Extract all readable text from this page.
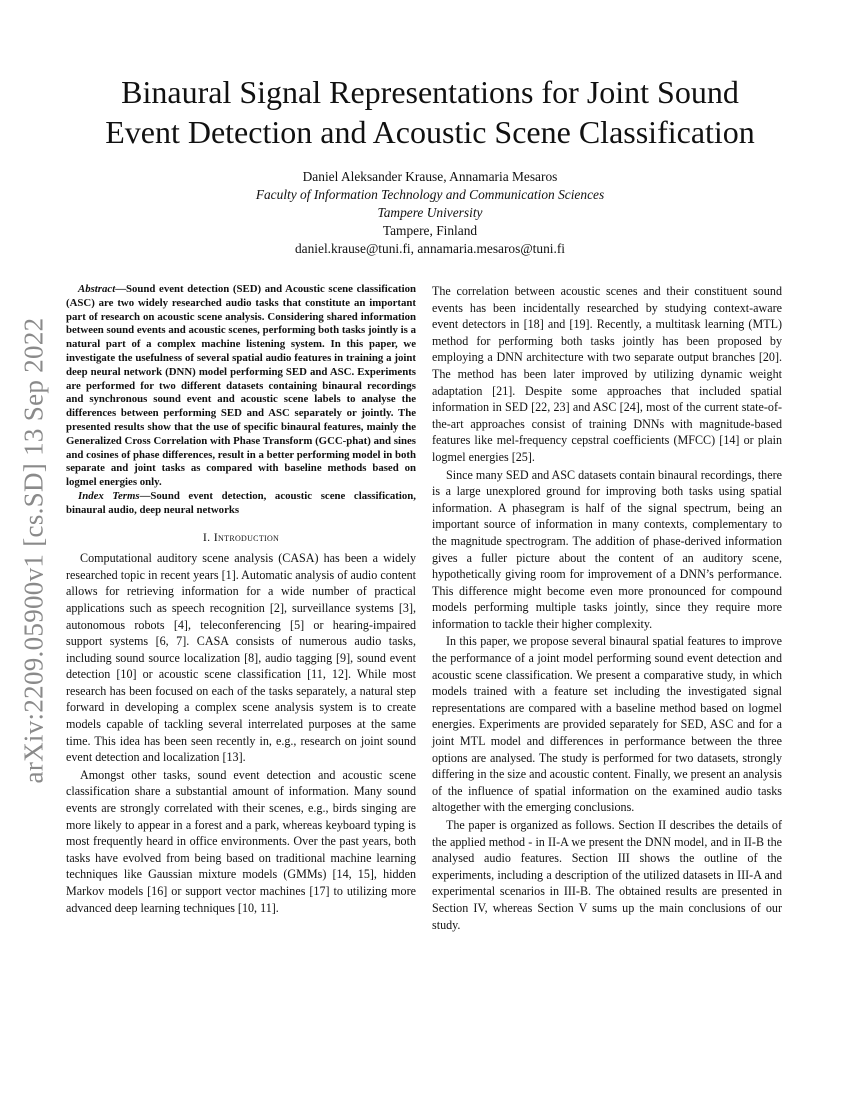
arXiv:2209.05900v1 [cs.SD] 13 Sep 2022
Binaural Signal Representations for Joint Sound
Event Detection and Acoustic Scene Classification
Daniel Aleksander Krause, Annamaria Mesaros
Faculty of Information Technology and Communication Sciences
Tampere University
Tampere, Finland
daniel.krause@tuni.fi, annamaria.mesaros@tuni.fi

Abstract—Sound event detection (SED) and Acoustic scene classification (ASC) are two widely researched audio tasks that constitute an important part of research on acoustic scene analysis. Considering shared information between sound events and acoustic scenes, performing both tasks jointly is a natural part of a complex machine listening system. In this paper, we investigate the usefulness of several spatial audio features in training a joint deep neural network (DNN) model performing SED and ASC. Experiments are performed for two different datasets containing binaural recordings and synchronous sound event and acoustic scene labels to analyse the differences between performing SED and ASC separately or jointly. The presented results show that the use of specific binaural features, mainly the Generalized Cross Correlation with Phase Transform (GCC-phat) and sines and cosines of phase differences, result in a better performing model in both separate and joint tasks as compared with baseline methods based on logmel energies only.

Index Terms—Sound event detection, acoustic scene classification, binaural audio, deep neural networks

I. Introduction

Computational auditory scene analysis (CASA) has been a widely researched topic in recent years [1]. Automatic analysis of audio content allows for retrieving information for a wide number of practical applications such as speech recognition [2], surveillance systems [3], autonomous robots [4], teleconferencing [5] or hearing-impaired support systems [6, 7]. CASA consists of numerous audio tasks, including sound source localization [8], audio tagging [9], sound event detection [10] or acoustic scene classification [11, 12]. While most research has been focused on each of the tasks separately, a natural step forward in developing a complex scene analysis system is to create models capable of tackling several interrelated purposes at the same time. This idea has been seen recently in, e.g., research on joint sound event detection and localization [13].

Amongst other tasks, sound event detection and acoustic scene classification share a substantial amount of information. Many sound events are strongly correlated with their scenes, e.g., birds singing are more likely to appear in a forest and a park, whereas keyboard typing is most frequently heard in office environments. Over the past years, both tasks have evolved from being based on traditional machine learning techniques like Gaussian mixture models (GMMs) [14, 15], hidden Markov models [16] or support vector machines [17] to utilizing more advanced deep learning techniques [10, 11].

The correlation between acoustic scenes and their constituent sound events has been incidentally researched by studying context-aware event detectors in [18] and [19]. Recently, a multitask learning (MTL) method for performing both tasks jointly has been proposed by employing a DNN architecture with two separate output branches [20]. The method has been later improved by utilizing dynamic weight adaptation [21]. Despite some approaches that included spatial information in SED [22, 23] and ASC [24], most of the current state-of-the-art approaches consist of training DNNs with magnitude-based features like mel-frequency cepstral coefficients (MFCC) [14] or plain logmel energies [25].

Since many SED and ASC datasets contain binaural recordings, there is a large unexplored ground for improving both tasks using spatial information. A phasegram is half of the signal spectrum, being an important source of information in many contexts, complementary to the magnitude spectrogram. The addition of phase-derived information gives a fuller picture about the content of an auditory scene, hypothetically giving room for improvement of a DNN’s performance. This difference might become even more pronounced for compound models performing multiple tasks jointly, since they require more information to tackle their higher complexity.

In this paper, we propose several binaural spatial features to improve the performance of a joint model performing sound event detection and acoustic scene classification. We present a comparative study, in which models trained with a feature set including the investigated signal representations are compared with a baseline method based on logmel energies. Experiments are provided separately for SED, ASC and for a joint MTL model and differences in performance between the three options are analysed. The study is performed for two datasets, strongly differing in the size and acoustic content. Finally, we present an analysis of the influence of spatial information on the examined audio tasks altogether with the emerging conclusions.

The paper is organized as follows. Section II describes the details of the applied method - in II-A we present the DNN model, and in II-B the analysed audio features. Section III shows the outline of the experiments, including a description of the utilized datasets in III-A and experimental scenarios in III-B. The obtained results are presented in Section IV, whereas Section V sums up the main conclusions of our study.
